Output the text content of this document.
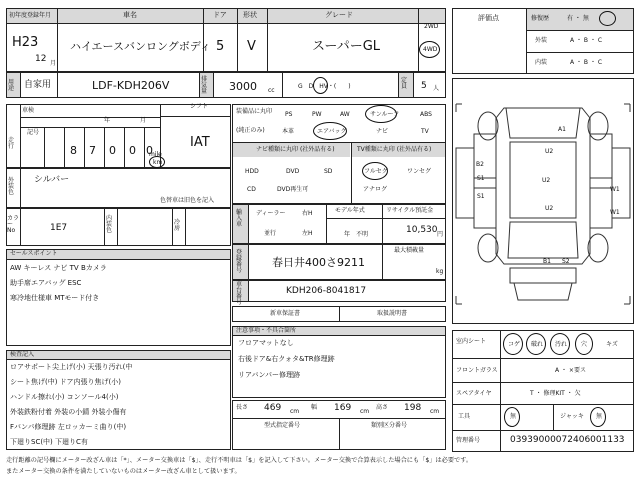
初年度登録年月	車名	ドア 形状	グレード
2WD
4WD
H23
12 月
ハイエースバンロングボディ 5 V	スーパーGL
用途	自家用	LDF-KDH206V	排気量	3000 cc
G　D　HV・(　　)
定員	5 人
車検
年	月
記号
走行	8 7 0 0 0
mile
km
シフト
IAT
外装色
シルバー
色替車は旧色を記入
カラーNo	1E7
内装色
冷房
装備品に丸印
(純正のみ)
PS	PW	AW	サンルーフ	ABS
本革	エアバッグ	ナビ	TV
ナビ種類に丸印 (社外品有る)	TV種類に丸印 (社外品有る)
HDD	DVD	SD
CD	DVD再生可
フルセグ	ワンセグ
アナログ
輸入車
ディーラー
並行
右H
左H
モデル年式
年　不明
リサイクル預託金
10,530 円
登録番号
春日井400さ9211
最大積載量
kg
車台番号
KDH206-8041817
新車保証書	取扱説明書
セールスポイント
AW キーレス ナビ TV Bカメラ
助手席エアバッグ ESC
寒冷地仕様車 MTモード付き
注意事項・不具合箇所
フロアマットなし
右後ドア&右クォタ&TR修理跡
リアバンパー修理跡
検査記入
ロアサポート尖上げ(小) 天張り汚れ(中
シート焦げ(中) ドア内張り焦げ(小)
ハンドル擦れ(小) コンソール4(小)
外装鉄粉付着 外装の小錆 外装小傷有
Fバンパ修理跡 左ロッカーミ曲り(中)
下廻りSC(中) 下廻りC有
長さ 469 cm
幅 169 cm
高さ 198 cm
型式指定番号	類別区分番号
評価点	修復歴	有 ・ 無
外装	A ・ B ・ C
内装	A ・ B ・ C
A1
U2
U2
U2
B2
S1
S1
W1
W1
B1 S2
室内シート	コゲ 破れ 汚れ 穴	キズ
フロントガラス	A ・ ×要ス
スペアタイヤ	T ・ 修理KIT ・ 欠
工具	無	ジャッキ 無
管理番号	03939000072406001133
走行距離の記号欄にメーター改ざん車は「*」、メーター交換車は「$」、走行不明車は「$」を記入して下さい。メーター交換で合算表示した場合にも「$」は必要です。
またメーター交換の条件を満たしていないものはメーター改ざん車として扱います。
